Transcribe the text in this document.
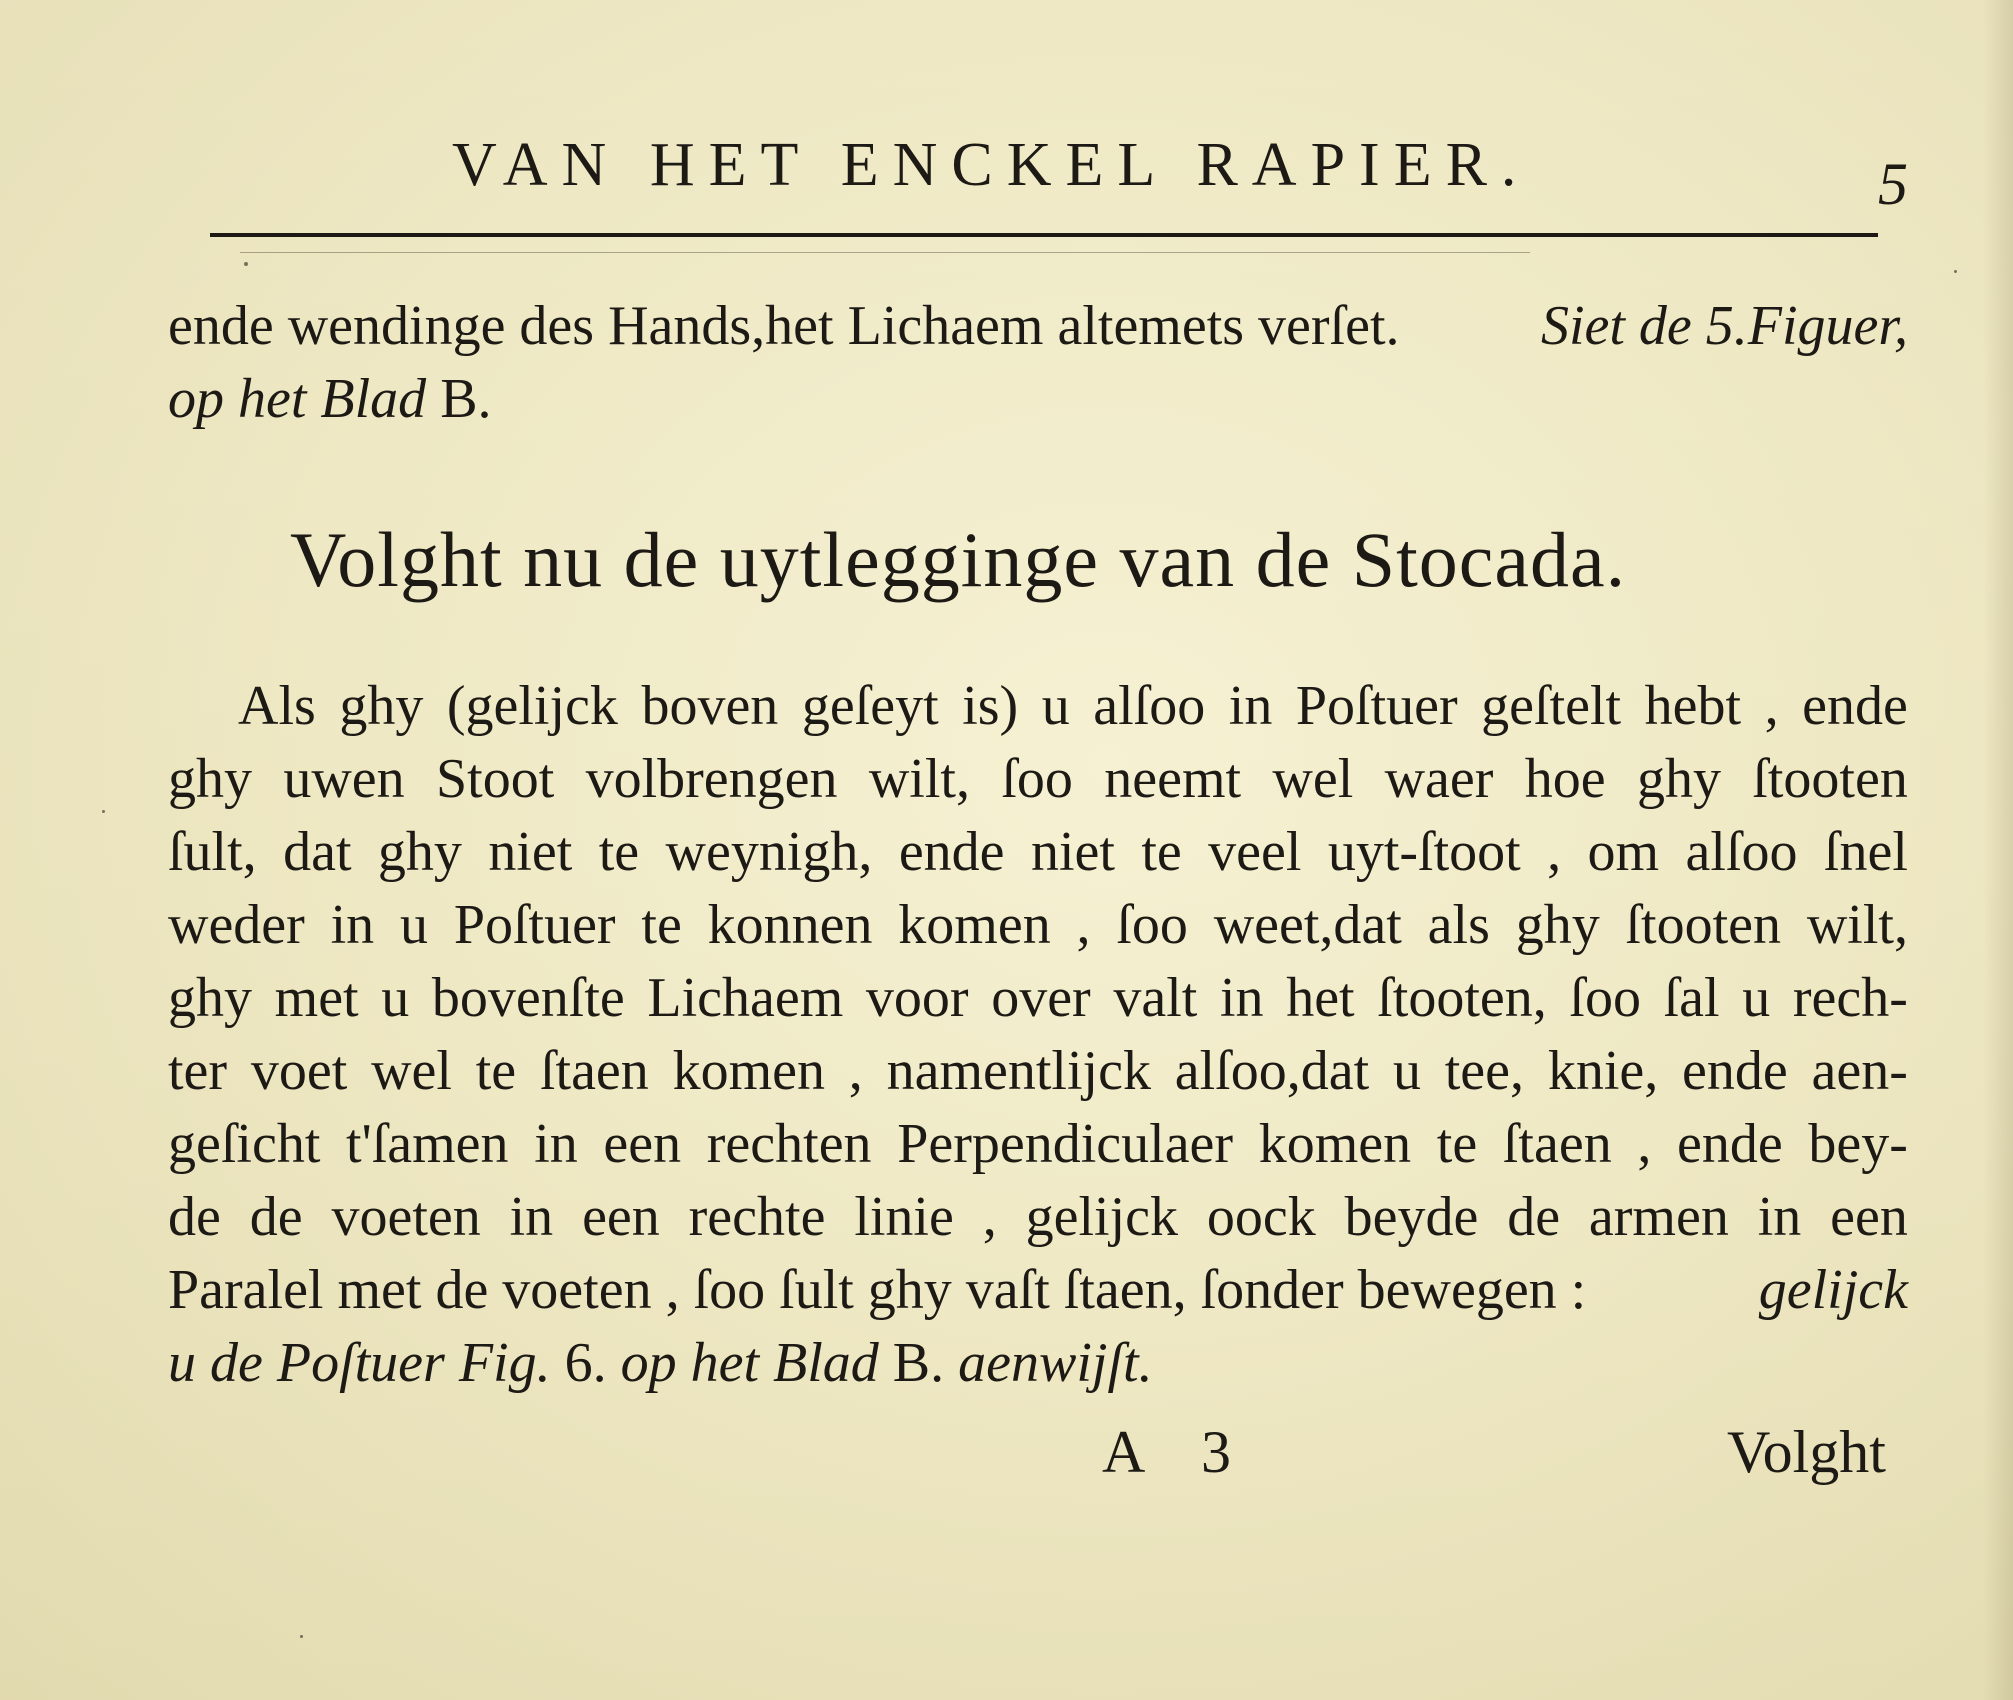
VAN HET ENCKEL RAPIER.	5
ende wendinge des Hands,het Lichaem altemets verſet.	Siet de 5.Figuer,
op het Blad B.
Volght nu de uytlegginge van de Stocada.
Als ghy (gelijck boven geſeyt is) u alſoo in Poſtuer geſtelt hebt , ende
ghy uwen Stoot volbrengen wilt, ſoo neemt wel waer hoe ghy ſtooten
ſult, dat ghy niet te weynigh, ende niet te veel uyt-ſtoot , om alſoo ſnel
weder in u Poſtuer te konnen komen , ſoo weet,dat als ghy ſtooten wilt,
ghy met u bovenſte Lichaem voor over valt in het ſtooten, ſoo ſal u rech-
ter voet wel te ſtaen komen , namentlijck alſoo,dat u tee, knie, ende aen-
geſicht t'ſamen in een rechten Perpendiculaer komen te ſtaen , ende bey-
de de voeten in een rechte linie , gelijck oock beyde de armen in een
Paralel met de voeten , ſoo ſult ghy vaſt ſtaen, ſonder bewegen :	gelijck
u de Poſtuer Fig. 6. op het Blad B. aenwijſt.
A 3	Volght
